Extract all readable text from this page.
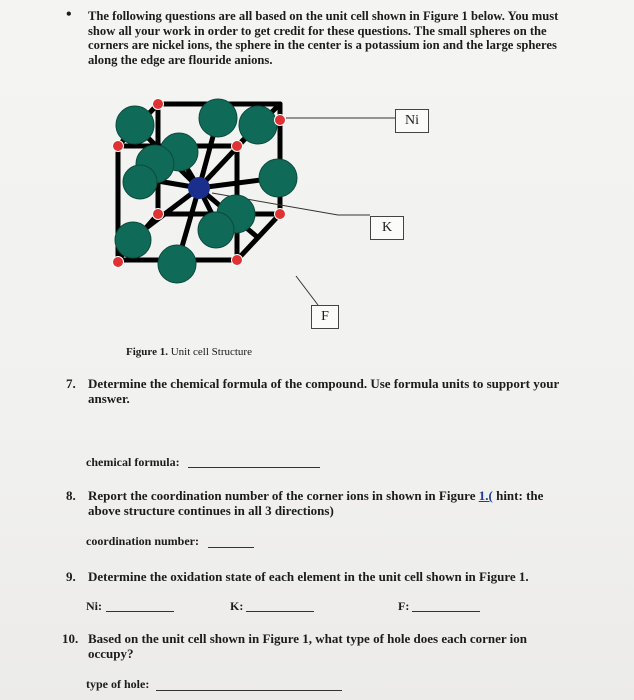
• The following questions are all based on the unit cell shown in Figure 1 below. You must show all your work in order to get credit for these questions. The small spheres on the corners are nickel ions, the sphere in the center is a potassium ion and the large spheres along the edge are flouride anions.
Ni
K
F
Figure 1. Unit cell Structure
7. Determine the chemical formula of the compound. Use formula units to support your answer.
chemical formula:
8. Report the coordination number of the corner ions in shown in Figure 1.( hint: the above structure continues in all 3 directions)
coordination number:
9. Determine the oxidation state of each element in the unit cell shown in Figure 1.
Ni:	K:	F:
10. Based on the unit cell shown in Figure 1, what type of hole does each corner ion occupy?
type of hole:
